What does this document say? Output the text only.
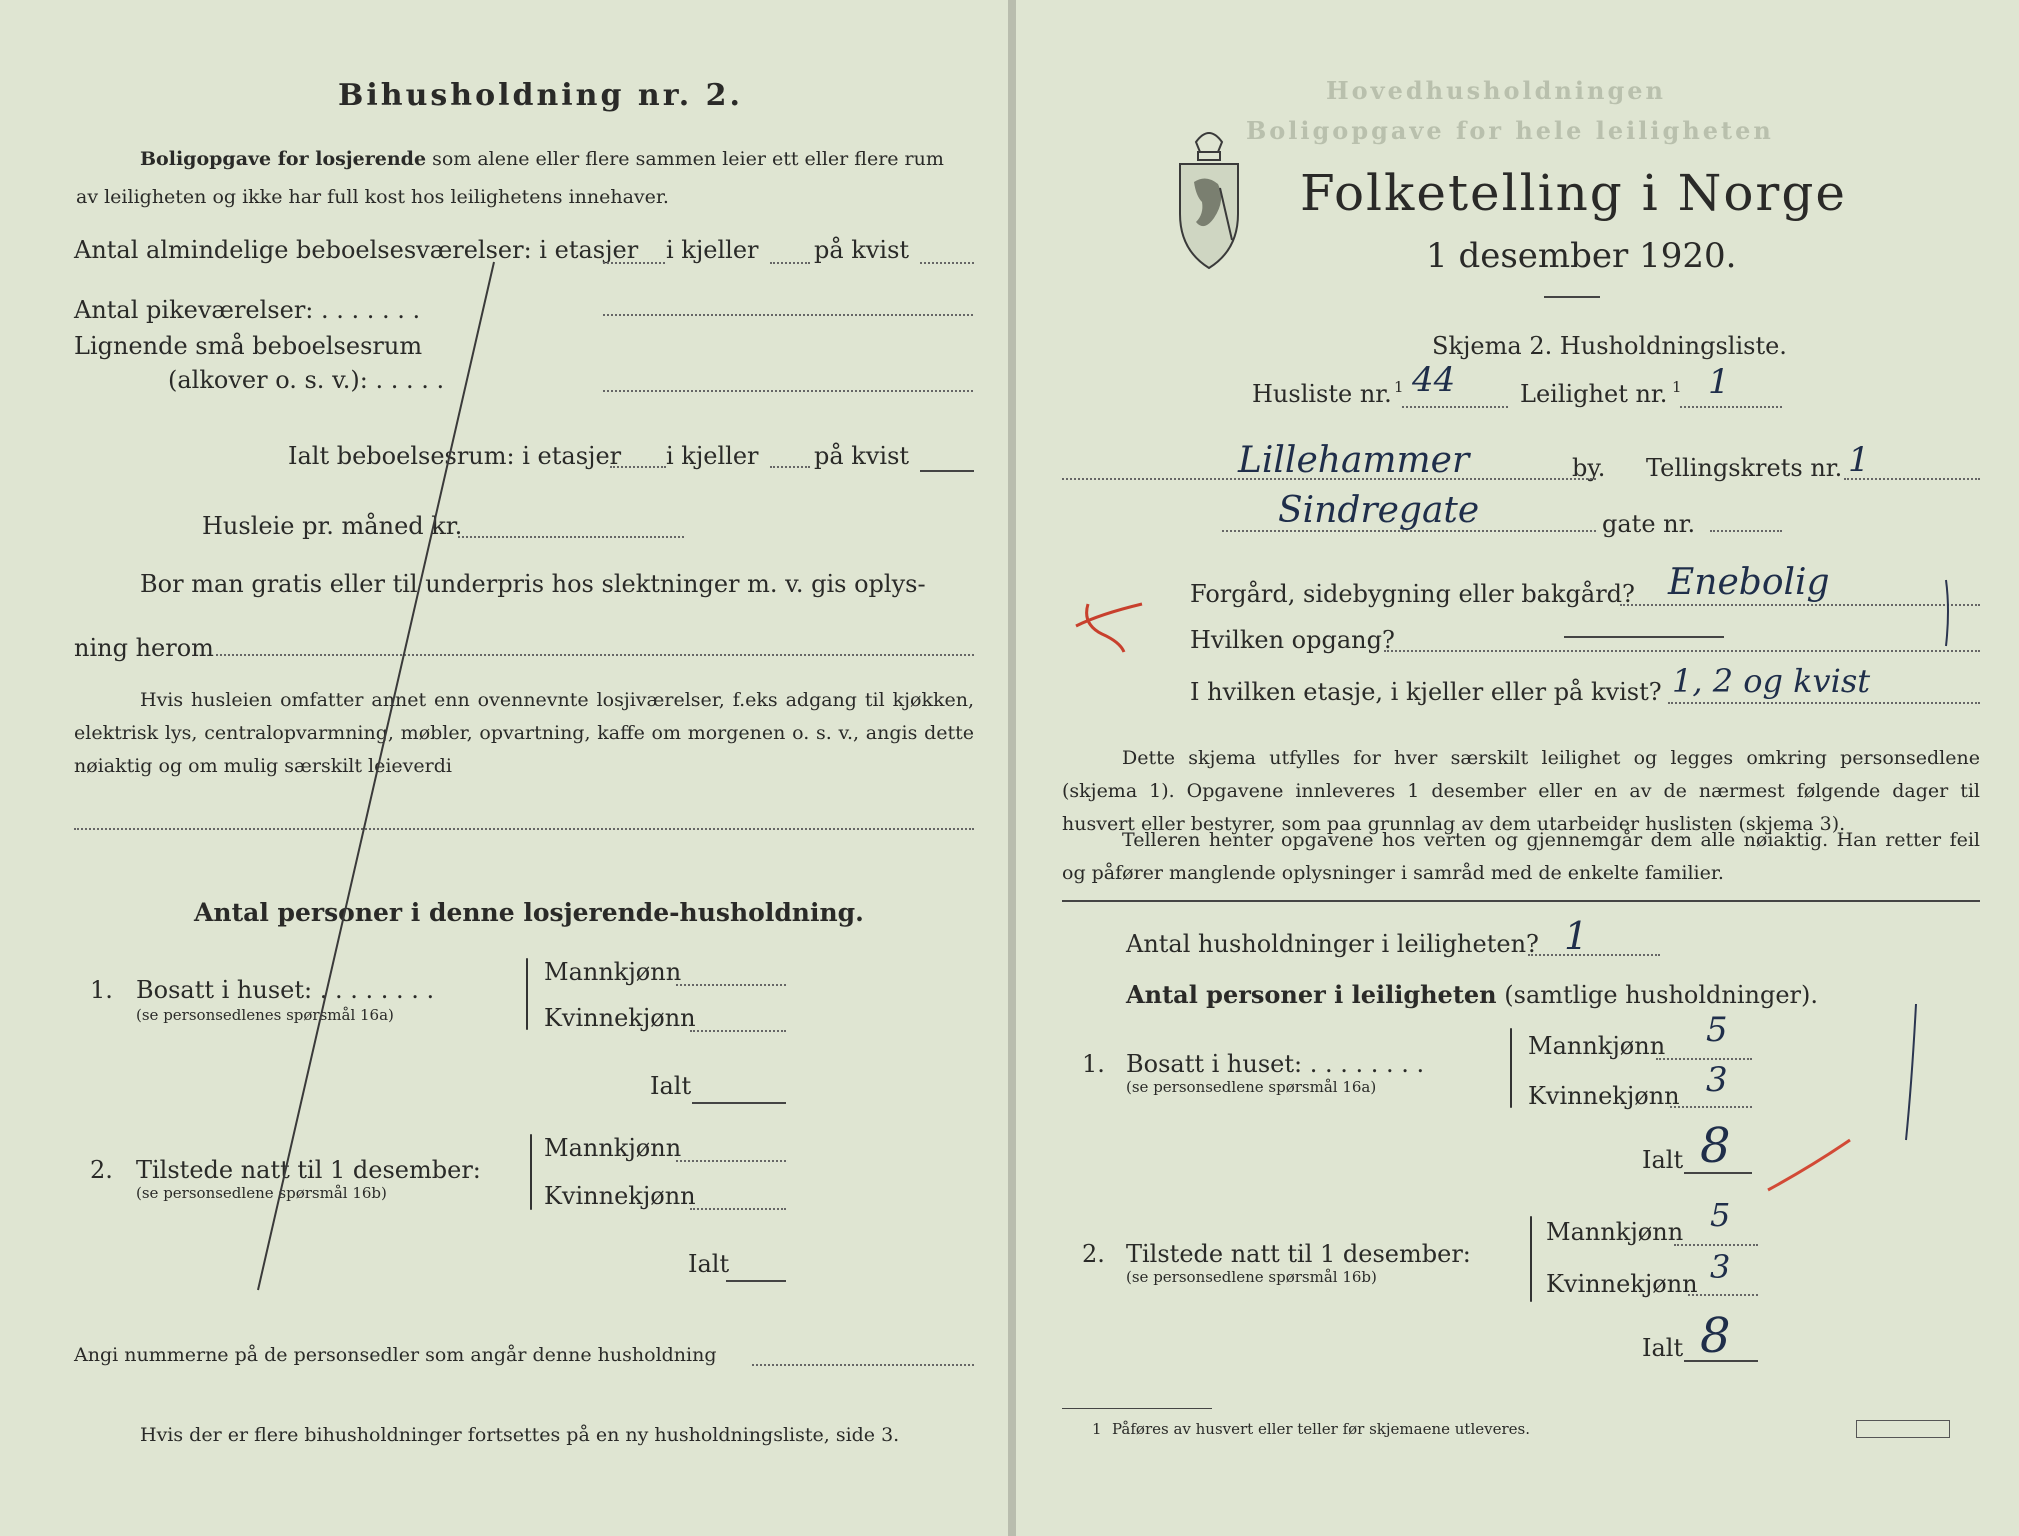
Bihusholdning nr. 2.
Boligopgave for losjerende som alene eller flere sammen leier ett eller flere rum
av leiligheten og ikke har full kost hos leilighetens innehaver.
Antal almindelige beboelsesværelser: i etasjer i kjeller på kvist
Antal pikeværelser: . . . . . . .
Lignende små beboelsesrum
(alkover o. s. v.): . . . . .
Ialt beboelsesrum: i etasjer i kjeller på kvist
Husleie pr. måned kr.
Bor man gratis eller til underpris hos slektninger m. v. gis oplys-
ning herom
Hvis husleien omfatter annet enn ovennevnte losjiværelser, f.eks adgang til kjøkken, elektrisk lys, centralopvarmning, møbler, opvartning, kaffe om morgenen o. s. v., angis dette nøiaktig og om mulig særskilt leieverdi
Antal personer i denne losjerende-husholdning.
1. Bosatt i huset: . . . . . . . .
(se personsedlenes spørsmål 16a)
Mannkjønn
Kvinnekjønn
Ialt
2. Tilstede natt til 1 desember:
(se personsedlene spørsmål 16b)
Mannkjønn
Kvinnekjønn
Ialt
Angi nummerne på de personsedler som angår denne husholdning
Hvis der er flere bihusholdninger fortsettes på en ny husholdningsliste, side 3.
Hovedhusholdningen
Boligopgave for hele leiligheten
Folketelling i Norge
1 desember 1920.
Skjema 2. Husholdningsliste.
Husliste nr. 1 44	Leilighet nr. 1 1
Lillehammer	by. Tellingskrets nr. 1
Sindregate	gate nr.
Forgård, sidebygning eller bakgård? Enebolig
Hvilken opgang?
I hvilken etasje, i kjeller eller på kvist? 1, 2 og kvist
Dette skjema utfylles for hver særskilt leilighet og legges omkring personsedlene (skjema 1). Opgavene innleveres 1 desember eller en av de nærmest følgende dager til husvert eller bestyrer, som paa grunnlag av dem utarbeider huslisten (skjema 3).
Telleren henter opgavene hos verten og gjennemgår dem alle nøiaktig. Han retter feil og påfører manglende oplysninger i samråd med de enkelte familier.
Antal husholdninger i leiligheten? 1
Antal personer i leiligheten (samtlige husholdninger).
1. Bosatt i huset: . . . . . . . .
(se personsedlene spørsmål 16a)
Mannkjønn 5
Kvinnekjønn 3
Ialt 8
2. Tilstede natt til 1 desember:
(se personsedlene spørsmål 16b)
Mannkjønn 5
Kvinnekjønn 3
Ialt 8
1 Påføres av husvert eller teller før skjemaene utleveres.
